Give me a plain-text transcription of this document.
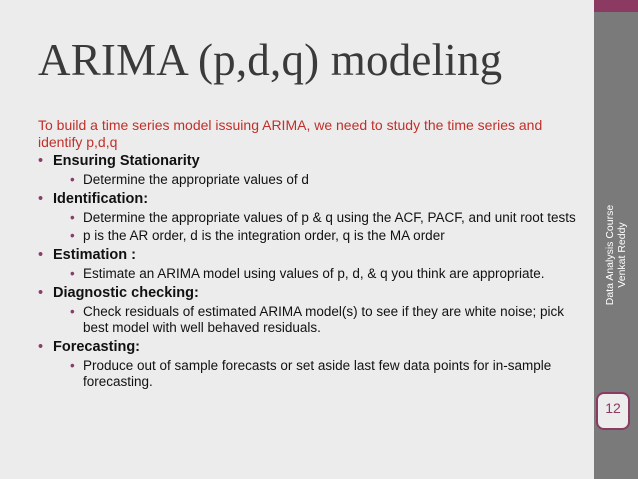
ARIMA (p,d,q) modeling
To build a time series model issuing ARIMA, we need to study the time series and identify p,d,q
• Ensuring Stationarity
• Determine the appropriate values of d
• Identification:
• Determine the appropriate values of p & q using the ACF, PACF, and unit root tests
• p is the AR order, d is the integration order, q is the MA order
• Estimation :
• Estimate an ARIMA model using values of p, d, & q you think are appropriate.
• Diagnostic checking:
• Check residuals of estimated ARIMA model(s) to see if they are white noise; pick best model with well behaved residuals.
• Forecasting:
• Produce out of sample forecasts or set aside last few data points for in-sample forecasting.
Data Analysis Course Venkat Reddy
12
